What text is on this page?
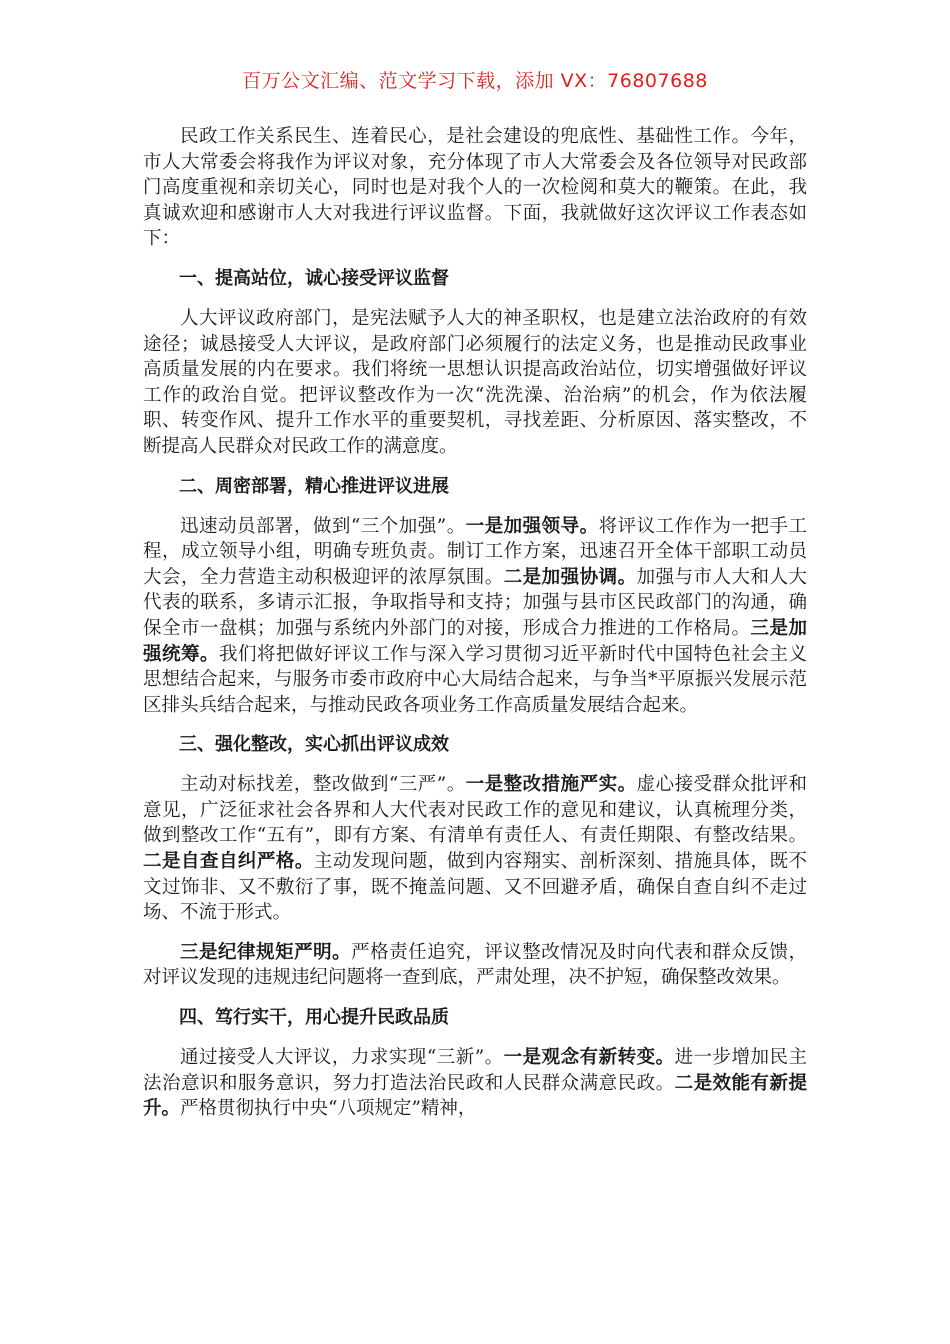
百万公文汇编、范文学习下载，添加 VX：76807688

民政工作关系民生、连着民心，是社会建设的兜底性、基础性工作。今年，市人大常委会将我作为评议对象，充分体现了市人大常委会及各位领导对民政部门高度重视和亲切关心，同时也是对我个人的一次检阅和莫大的鞭策。在此，我真诚欢迎和感谢市人大对我进行评议监督。下面，我就做好这次评议工作表态如下：

一、提高站位，诚心接受评议监督

人大评议政府部门，是宪法赋予人大的神圣职权，也是建立法治政府的有效途径；诚恳接受人大评议，是政府部门必须履行的法定义务，也是推动民政事业高质量发展的内在要求。我们将统一思想认识提高政治站位，切实增强做好评议工作的政治自觉。把评议整改作为一次“洗洗澡、治治病”的机会，作为依法履职、转变作风、提升工作水平的重要契机，寻找差距、分析原因、落实整改，不断提高人民群众对民政工作的满意度。

二、周密部署，精心推进评议进展

迅速动员部署，做到“三个加强”。一是加强领导。将评议工作作为一把手工程，成立领导小组，明确专班负责。制订工作方案，迅速召开全体干部职工动员大会，全力营造主动积极迎评的浓厚氛围。二是加强协调。加强与市人大和人大代表的联系，多请示汇报，争取指导和支持；加强与县市区民政部门的沟通，确保全市一盘棋；加强与系统内外部门的对接，形成合力推进的工作格局。三是加强统筹。我们将把做好评议工作与深入学习贯彻习近平新时代中国特色社会主义思想结合起来，与服务市委市政府中心大局结合起来，与争当*平原振兴发展示范区排头兵结合起来，与推动民政各项业务工作高质量发展结合起来。

三、强化整改，实心抓出评议成效

主动对标找差，整改做到“三严”。一是整改措施严实。虚心接受群众批评和意见，广泛征求社会各界和人大代表对民政工作的意见和建议，认真梳理分类，做到整改工作“五有”，即有方案、有清单有责任人、有责任期限、有整改结果。二是自查自纠严格。主动发现问题，做到内容翔实、剖析深刻、措施具体，既不文过饰非、又不敷衍了事，既不掩盖问题、又不回避矛盾，确保自查自纠不走过场、不流于形式。

三是纪律规矩严明。严格责任追究，评议整改情况及时向代表和群众反馈，对评议发现的违规违纪问题将一查到底，严肃处理，决不护短，确保整改效果。

四、笃行实干，用心提升民政品质

通过接受人大评议，力求实现“三新”。一是观念有新转变。进一步增加民主法治意识和服务意识，努力打造法治民政和人民群众满意民政。二是效能有新提升。严格贯彻执行中央“八项规定”精神，
